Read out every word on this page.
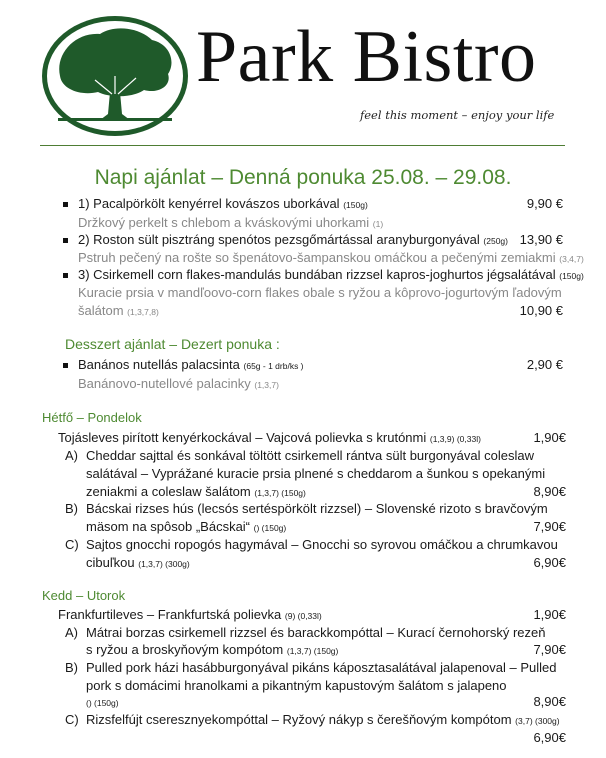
Park Bistro
feel this moment – enjoy your life
Napi ajánlat – Denná ponuka 25.08. – 29.08.
1) Pacalpörkölt kenyérrel kovászos uborkával (150g)	9,90 €
Držkový perkelt s chlebom a kváskovými uhorkami (1)
2) Roston sült pisztráng spenótos pezsgőmártással aranyburgonyával (250g) 13,90 €
Pstruh pečený na rošte so špenátovo-šampanskou omáčkou a pečenými zemiakmi (3,4,7)
3) Csirkemell corn flakes-mandulás bundában rizzsel kapros-joghurtos jégsalátával (150g)
Kuracie prsia v mandľoovo-corn flakes obale s ryžou a kôprovo-jogurtovým ľadovým
šalátom (1,3,7,8)	10,90 €
Desszert ajánlat – Dezert ponuka :
Banános nutellás palacsinta (65g - 1 drb/ks )	2,90 €
Banánovo-nutellové palacinky (1,3,7)
Hétfő – Pondelok
Tojásleves pirított kenyérkockával – Vajcová polievka s krutónmi (1,3,9) (0,33l)	1,90€
A) Cheddar sajttal és sonkával töltött csirkemell rántva sült burgonyával coleslaw
salátával – Vyprážané kuracie prsia plnené s cheddarom a šunkou s opekanými
zeniakmi a coleslaw šalátom (1,3,7) (150g)	8,90€
B) Bácskai rizses hús (lecsós sertéspörkölt rizzsel) – Slovenské rizoto s bravčovým
mäsom na spôsob „Bácskai“ () (150g)	7,90€
C) Sajtos gnocchi ropogós hagymával – Gnocchi so syrovou omáčkou a chrumkavou
cibuľkou (1,3,7) (300g)	6,90€
Kedd – Utorok
Frankfurtileves – Frankfurtská polievka (9) (0,33l)	1,90€
A) Mátrai borzas csirkemell rizzsel és barackkompóttal – Kurací černohorský rezeň
s ryžou a broskyňovým kompótom (1,3,7) (150g)	7,90€
B) Pulled pork házi hasábburgonyával pikáns káposztasalátával jalapenoval – Pulled
pork s domácimi hranolkami a pikantným kapustovým šalátom s jalapeno
() (150g)	8,90€
C) Rizsfelfújt cseresznyekompóttal – Ryžový nákyp s čerešňovým kompótom (3,7) (300g)
6,90€
